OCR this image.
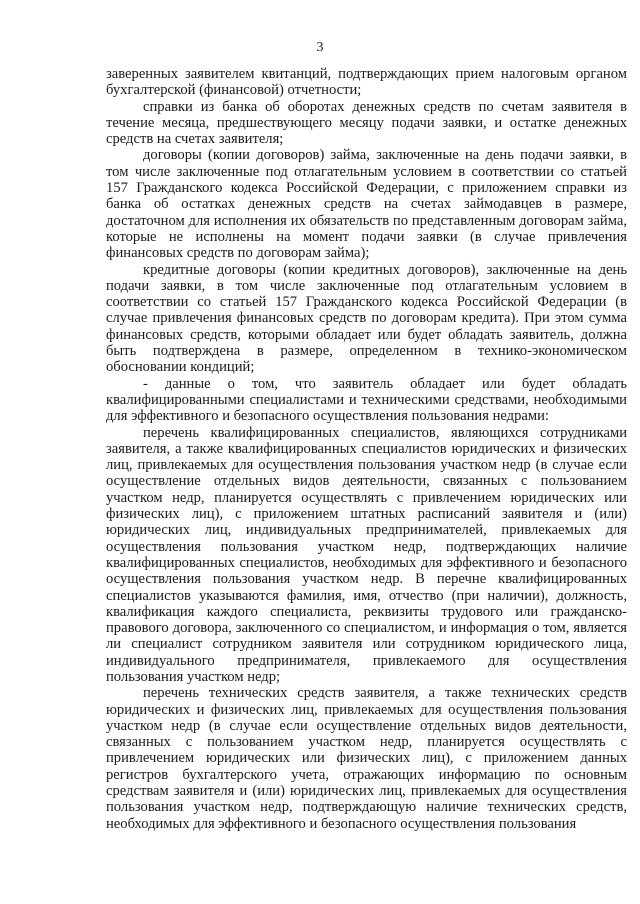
3

заверенных заявителем квитанций, подтверждающих прием налоговым органом бухгалтерской (финансовой) отчетности;

справки из банка об оборотах денежных средств по счетам заявителя в течение месяца, предшествующего месяцу подачи заявки, и остатке денежных средств на счетах заявителя;

договоры (копии договоров) займа, заключенные на день подачи заявки, в том числе заключенные под отлагательным условием в соответствии со статьей 157 Гражданского кодекса Российской Федерации, с приложением справки из банка об остатках денежных средств на счетах займодавцев в размере, достаточном для исполнения их обязательств по представленным договорам займа, которые не исполнены на момент подачи заявки (в случае привлечения финансовых средств по договорам займа);

кредитные договоры (копии кредитных договоров), заключенные на день подачи заявки, в том числе заключенные под отлагательным условием в соответствии со статьей 157 Гражданского кодекса Российской Федерации (в случае привлечения финансовых средств по договорам кредита). При этом сумма финансовых средств, которыми обладает или будет обладать заявитель, должна быть подтверждена в размере, определенном в технико-экономическом обосновании кондиций;

- данные о том, что заявитель обладает или будет обладать квалифицированными специалистами и техническими средствами, необходимыми для эффективного и безопасного осуществления пользования недрами:

перечень квалифицированных специалистов, являющихся сотрудниками заявителя, а также квалифицированных специалистов юридических и физических лиц, привлекаемых для осуществления пользования участком недр (в случае если осуществление отдельных видов деятельности, связанных с пользованием участком недр, планируется осуществлять с привлечением юридических или физических лиц), с приложением штатных расписаний заявителя и (или) юридических лиц, индивидуальных предпринимателей, привлекаемых для осуществления пользования участком недр, подтверждающих наличие квалифицированных специалистов, необходимых для эффективного и безопасного осуществления пользования участком недр. В перечне квалифицированных специалистов указываются фамилия, имя, отчество (при наличии), должность, квалификация каждого специалиста, реквизиты трудового или гражданско-правового договора, заключенного со специалистом, и информация о том, является ли специалист сотрудником заявителя или сотрудником юридического лица, индивидуального предпринимателя, привлекаемого для осуществления пользования участком недр;

перечень технических средств заявителя, а также технических средств юридических и физических лиц, привлекаемых для осуществления пользования участком недр (в случае если осуществление отдельных видов деятельности, связанных с пользованием участком недр, планируется осуществлять с привлечением юридических или физических лиц), с приложением данных регистров бухгалтерского учета, отражающих информацию по основным средствам заявителя и (или) юридических лиц, привлекаемых для осуществления пользования участком недр, подтверждающую наличие технических средств, необходимых для эффективного и безопасного осуществления пользования
